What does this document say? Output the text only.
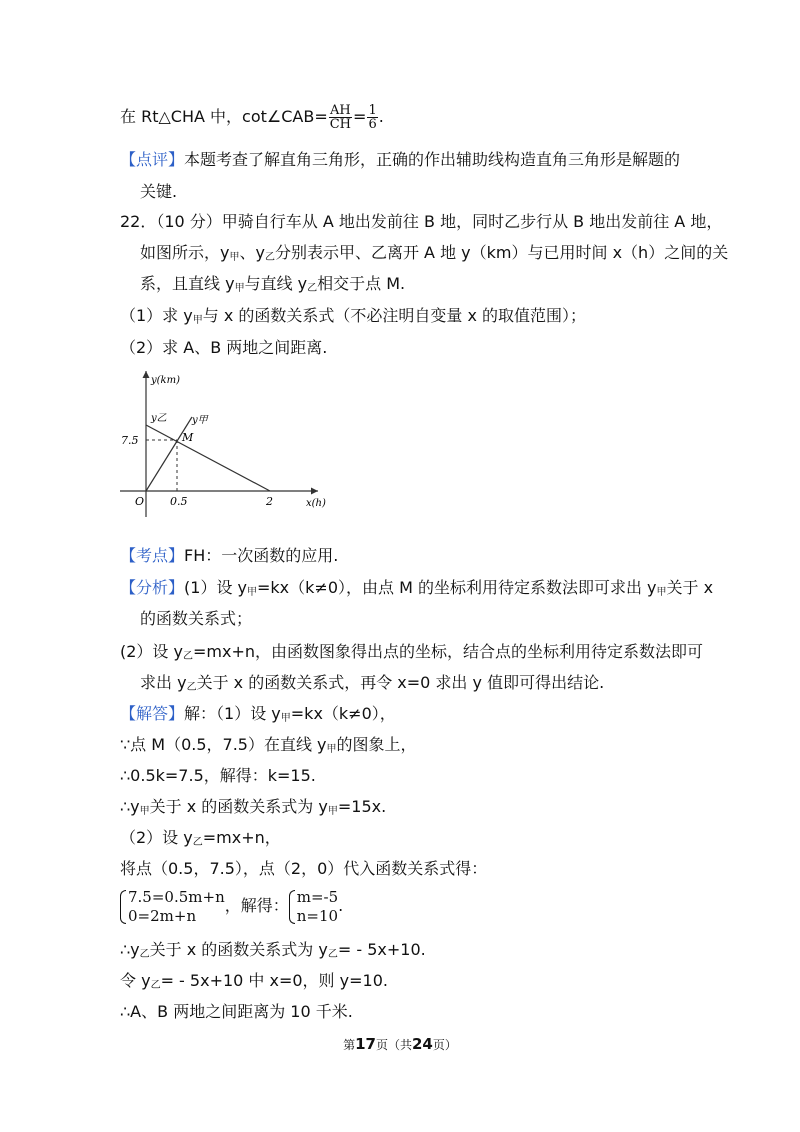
在 Rt△CHA 中，cot∠CAB= $\frac{AH}{CH} = \frac{1}{6}$ .
【点评】本题考查了解直角三角形，正确的作出辅助线构造直角三角形是解题的
关键.
22．（10 分）甲骑自行车从 A 地出发前往 B 地，同时乙步行从 B 地出发前往 A 地，
如图所示，$y_甲$、$y_乙$分别表示甲、乙离开 A 地 y（km）与已用时间 x（h）之间的关
系，且直线 $y_甲$与直线 $y_乙$相交于点 M.
（1）求 $y_甲$与 x 的函数关系式（不必注明自变量 x 的取值范围）；
（2）求 A、B 两地之间距离.
y(km)
x(h)
y乙	y甲
M
7.5
O 0.5	2
【考点】FH：一次函数的应用.
【分析】(1）设 $y_甲=kx(k\ne 0)$，由点 M 的坐标利用待定系数法即可求出 $y_甲$关于 x
的函数关系式；
(2）设 $y_乙=mx+n$，由函数图象得出点的坐标，结合点的坐标利用待定系数法即可
求出 $y_乙$关于 x 的函数关系式，再令 x=0 求出 y 值即可得出结论.
【解答】解：（1）设 $y_甲=kx(k\ne 0)$，
∵点 M（0.5，7.5）在直线 $y_甲$的图象上，
∴0.5k=7.5，解得：k=15.
$\therefore y_甲$关于 x 的函数关系式为 $y_甲=15x$.
（2）设 $y_乙=mx+n$，
将点（0.5，7.5），点（2，0）代入函数关系式得：
7.5=0.5m+n
0=2m+n
，解得： m=-5
n=10
.
$\therefore y_乙$关于 x 的函数关系式为 $y_乙= - 5x+10$.
令 $y_乙= - 5x+10$ 中 x=0，则 y=10.
∴A、B 两地之间距离为 10 千米.
第17页（共24页）
